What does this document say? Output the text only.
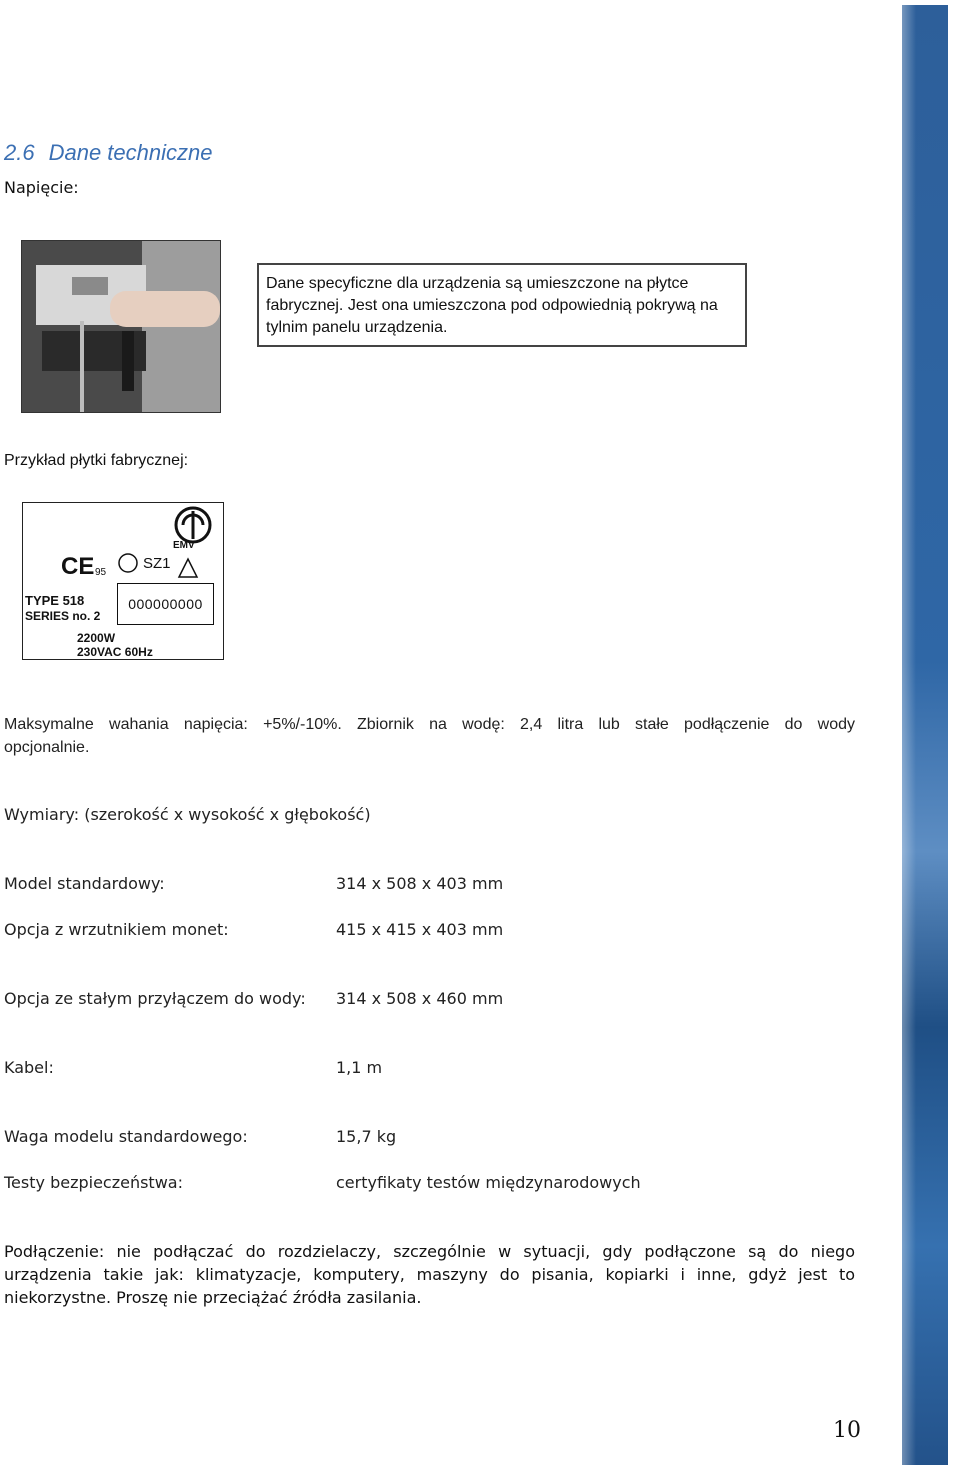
2.6 Dane techniczne
Napięcie:
Dane specyficzne dla urządzenia są umieszczone na płytce fabrycznej. Jest ona umieszczona pod odpowiednią pokrywą na tylnim panelu urządzenia.
Przykład płytki fabrycznej:
CE 95
SZ1
EMV
TYPE 518
SERIES no. 2
000000000
2200W
230VAC 60Hz
Maksymalne wahania napięcia: +5%/-10%. Zbiornik na wodę: 2,4 litra lub stałe podłączenie do wody
opcjonalnie.
Wymiary: (szerokość x wysokość x głębokość)
Model standardowy:	314 x 508 x 403 mm
Opcja z wrzutnikiem monet:	415 x 415 x 403 mm
Opcja ze stałym przyłączem do wody: 314 x 508 x 460 mm
Kabel:	1,1 m
Waga modelu standardowego:	15,7 kg
Testy bezpieczeństwa:	certyfikaty testów międzynarodowych
Podłączenie: nie podłączać do rozdzielaczy, szczególnie w sytuacji, gdy podłączone są do niego urządzenia takie jak: klimatyzacje, komputery, maszyny do pisania, kopiarki i inne, gdyż jest to niekorzystne. Proszę nie przeciążać źródła zasilania.
10
